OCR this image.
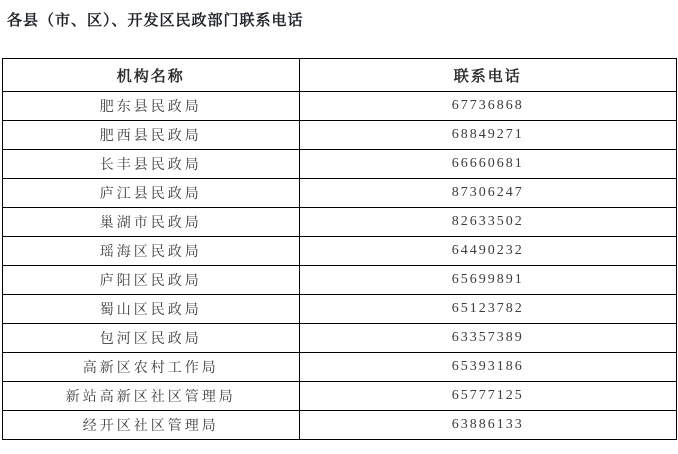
各县（市、区）、开发区民政部门联系电话
机构名称	联系电话
肥东县民政局	67736868
肥西县民政局	68849271
长丰县民政局	66660681
庐江县民政局	87306247
巢湖市民政局	82633502
瑶海区民政局	64490232
庐阳区民政局	65699891
蜀山区民政局	65123782
包河区民政局	63357389
高新区农村工作局	65393186
新站高新区社区管理局	65777125
经开区社区管理局	63886133
